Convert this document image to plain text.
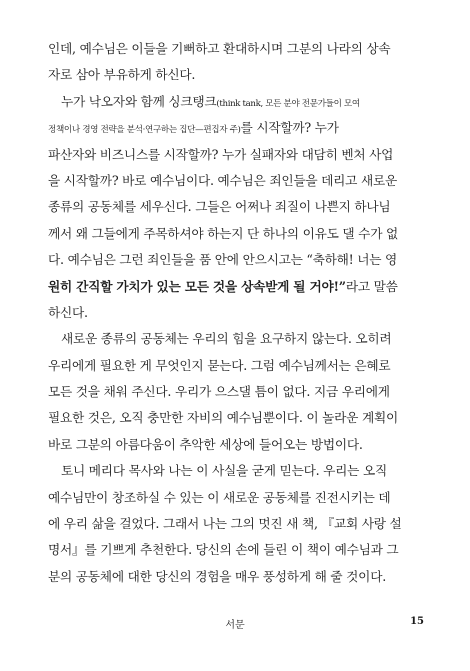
인데, 예수님은 이들을 기뻐하고 환대하시며 그분의 나라의 상속
자로 삼아 부유하게 하신다.
누가 낙오자와 함께 싱크탱크(think tank, 모든 분야 전문가들이 모여
정책이나 경영 전략을 분석·연구하는 집단—편집자 주)를 시작할까? 누가
파산자와 비즈니스를 시작할까? 누가 실패자와 대담히 벤처 사업
을 시작할까? 바로 예수님이다. 예수님은 죄인들을 데리고 새로운
종류의 공동체를 세우신다. 그들은 어쩌나 죄질이 나쁜지 하나님
께서 왜 그들에게 주목하셔야 하는지 단 하나의 이유도 댈 수가 없
다. 예수님은 그런 죄인들을 품 안에 안으시고는 “축하해! 너는 영
원히 간직할 가치가 있는 모든 것을 상속받게 될 거야!”라고 말씀
하신다.
새로운 종류의 공동체는 우리의 힘을 요구하지 않는다. 오히려
우리에게 필요한 게 무엇인지 묻는다. 그럼 예수님께서는 은혜로
모든 것을 채워 주신다. 우리가 으스댈 틈이 없다. 지금 우리에게
필요한 것은, 오직 충만한 자비의 예수님뿐이다. 이 놀라운 계획이
바로 그분의 아름다움이 추악한 세상에 들어오는 방법이다.
토니 메리다 목사와 나는 이 사실을 굳게 믿는다. 우리는 오직
예수님만이 창조하실 수 있는 이 새로운 공동체를 진전시키는 데
에 우리 삶을 걸었다. 그래서 나는 그의 멋진 새 책, 『교회 사랑 설
명서』를 기쁘게 추천한다. 당신의 손에 들린 이 책이 예수님과 그
분의 공동체에 대한 당신의 경험을 매우 풍성하게 해 줄 것이다.
서문	15
